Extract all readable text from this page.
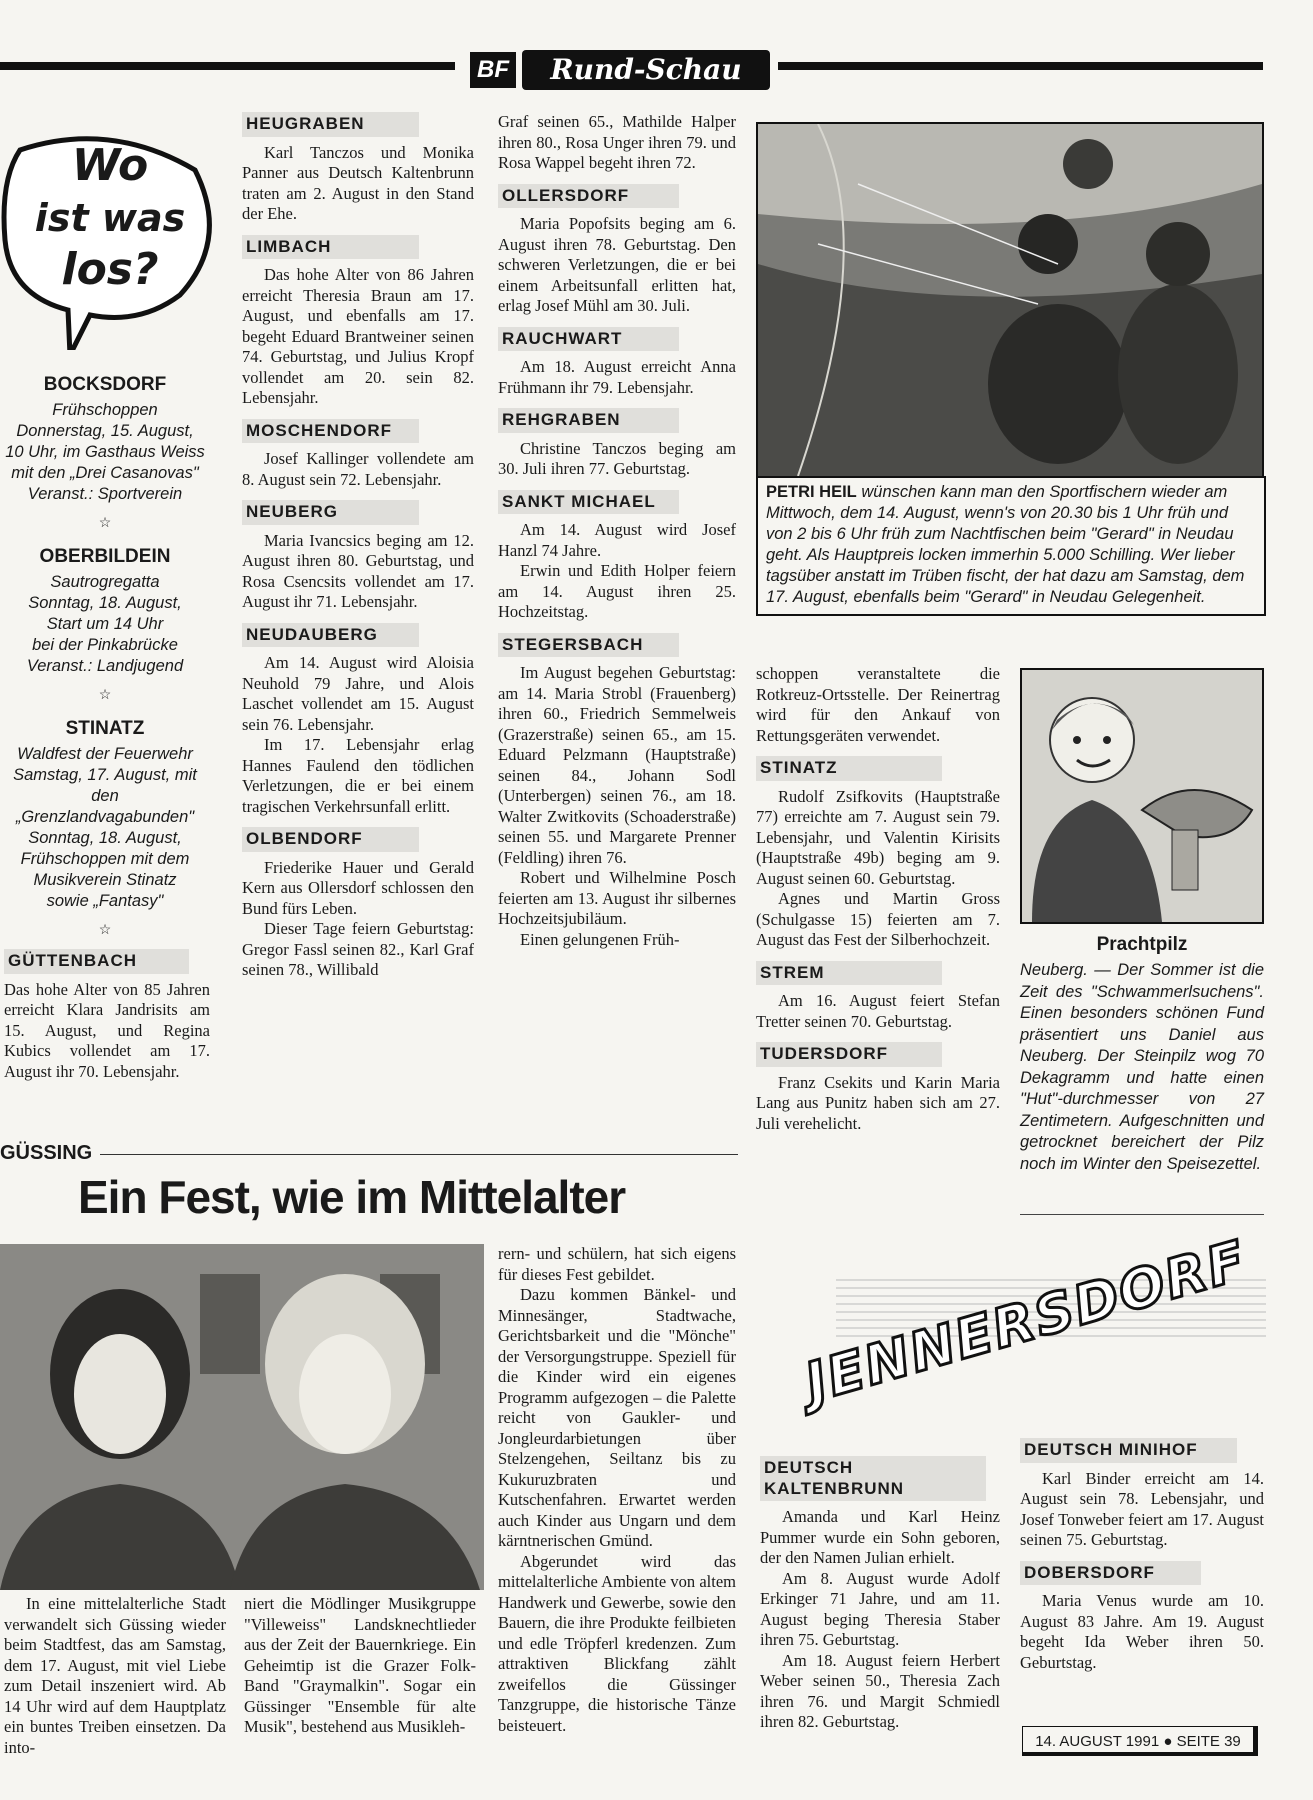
BF	Rund-Schau
Wo
ist was
los?
BOCKSDORF
Frühschoppen
Donnerstag, 15. August,
10 Uhr, im Gasthaus Weiss
mit den „Drei Casanovas"
Veranst.: Sportverein
☆
OBERBILDEIN
Sautrogregatta
Sonntag, 18. August,
Start um 14 Uhr
bei der Pinkabrücke
Veranst.: Landjugend
☆
STINATZ
Waldfest der Feuerwehr
Samstag, 17. August, mit
den „Grenzlandvagabunden"
Sonntag, 18. August,
Frühschoppen mit dem
Musikverein Stinatz
sowie „Fantasy"
☆
GÜTTENBACH

Das hohe Alter von 85 Jahren erreicht Klara Jandrisits am 15. August, und Regina Kubics vollendet am 17. August ihr 70. Lebensjahr.

HEUGRABEN

Karl Tanczos und Monika Panner aus Deutsch Kaltenbrunn traten am 2. August in den Stand der Ehe.

LIMBACH

Das hohe Alter von 86 Jahren erreicht Theresia Braun am 17. August, und ebenfalls am 17. begeht Eduard Brantweiner seinen 74. Geburtstag, und Julius Kropf vollendet am 20. sein 82. Lebensjahr.

MOSCHENDORF

Josef Kallinger vollendete am 8. August sein 72. Lebensjahr.

NEUBERG

Maria Ivancsics beging am 12. August ihren 80. Geburtstag, und Rosa Csencsits vollendet am 17. August ihr 71. Lebensjahr.

NEUDAUBERG

Am 14. August wird Aloisia Neuhold 79 Jahre, und Alois Laschet vollendet am 15. August sein 76. Lebensjahr.

Im 17. Lebensjahr erlag Hannes Faulend den tödlichen Verletzungen, die er bei einem tragischen Verkehrsunfall erlitt.

OLBENDORF

Friederike Hauer und Gerald Kern aus Ollersdorf schlossen den Bund fürs Leben.

Dieser Tage feiern Geburtstag: Gregor Fassl seinen 82., Karl Graf seinen 78., Willibald

Graf seinen 65., Mathilde Halper ihren 80., Rosa Unger ihren 79. und Rosa Wappel begeht ihren 72.

OLLERSDORF

Maria Popofsits beging am 6. August ihren 78. Geburtstag. Den schweren Verletzungen, die er bei einem Arbeitsunfall erlitten hat, erlag Josef Mühl am 30. Juli.

RAUCHWART

Am 18. August erreicht Anna Frühmann ihr 79. Lebensjahr.

REHGRABEN

Christine Tanczos beging am 30. Juli ihren 77. Geburtstag.

SANKT MICHAEL

Am 14. August wird Josef Hanzl 74 Jahre.

Erwin und Edith Holper feiern am 14. August ihren 25. Hochzeitstag.

STEGERSBACH

Im August begehen Geburtstag: am 14. Maria Strobl (Frauenberg) ihren 60., Friedrich Semmelweis (Grazerstraße) seinen 65., am 15. Eduard Pelzmann (Hauptstraße) seinen 84., Johann Sodl (Unterbergen) seinen 76., am 18. Walter Zwitkovits (Schoaderstraße) seinen 55. und Margarete Prenner (Feldling) ihren 76.

Robert und Wilhelmine Posch feierten am 13. August ihr silbernes Hochzeitsjubiläum.

Einen gelungenen Früh-

PETRI HEIL wünschen kann man den Sportfischern wieder am Mittwoch, dem 14. August, wenn's von 20.30 bis 1 Uhr früh und von 2 bis 6 Uhr früh zum Nachtfischen beim "Gerard" in Neudau geht. Als Hauptpreis locken immerhin 5.000 Schilling. Wer lieber tagsüber anstatt im Trüben fischt, der hat dazu am Samstag, dem 17. August, ebenfalls beim "Gerard" in Neudau Gelegenheit.

schoppen veranstaltete die Rotkreuz-Ortsstelle. Der Reinertrag wird für den Ankauf von Rettungsgeräten verwendet.

STINATZ

Rudolf Zsifkovits (Hauptstraße 77) erreichte am 7. August sein 79. Lebensjahr, und Valentin Kirisits (Hauptstraße 49b) beging am 9. August seinen 60. Geburtstag.

Agnes und Martin Gross (Schulgasse 15) feierten am 7. August das Fest der Silberhochzeit.

STREM

Am 16. August feiert Stefan Tretter seinen 70. Geburtstag.

TUDERSDORF

Franz Csekits und Karin Maria Lang aus Punitz haben sich am 27. Juli verehelicht.

Prachtpilz
Neuberg. — Der Sommer ist die Zeit des "Schwammerlsuchens". Einen besonders schönen Fund präsentiert uns Daniel aus Neuberg. Der Steinpilz wog 70 Dekagramm und hatte einen "Hut"-durchmesser von 27 Zentimetern. Aufgeschnitten und getrocknet bereichert der Pilz noch im Winter den Speisezettel.
GÜSSING
Ein Fest, wie im Mittelalter

In eine mittelalterliche Stadt verwandelt sich Güssing wieder beim Stadtfest, das am Samstag, dem 17. August, mit viel Liebe zum Detail inszeniert wird. Ab 14 Uhr wird auf dem Hauptplatz ein buntes Treiben einsetzen. Da into-

niert die Mödlinger Musikgruppe "Villeweiss" Landsknechtlieder aus der Zeit der Bauernkriege. Ein Geheimtip ist die Grazer Folk-Band "Graymalkin". Sogar ein Güssinger "Ensemble für alte Musik", bestehend aus Musikleh-

rern- und schülern, hat sich eigens für dieses Fest gebildet.

Dazu kommen Bänkel- und Minnesänger, Stadtwache, Gerichtsbarkeit und die "Mönche" der Versorgungstruppe. Speziell für die Kinder wird ein eigenes Programm aufgezogen – die Palette reicht von Gaukler- und Jongleurdarbietungen über Stelzengehen, Seiltanz bis zu Kukuruzbraten und Kutschenfahren. Erwartet werden auch Kinder aus Ungarn und dem kärntnerischen Gmünd.

Abgerundet wird das mittelalterliche Ambiente von altem Handwerk und Gewerbe, sowie den Bauern, die ihre Produkte feilbieten und edle Tröpferl kredenzen. Zum attraktiven Blickfang zählt zweifellos die Güssinger Tanzgruppe, die historische Tänze beisteuert.

JENNERSDORF
DEUTSCH KALTENBRUNN

Amanda und Karl Heinz Pummer wurde ein Sohn geboren, der den Namen Julian erhielt.

Am 8. August wurde Adolf Erkinger 71 Jahre, und am 11. August beging Theresia Staber ihren 75. Geburtstag.

Am 18. August feiern Herbert Weber seinen 50., Theresia Zach ihren 76. und Margit Schmiedl ihren 82. Geburtstag.

DEUTSCH MINIHOF

Karl Binder erreicht am 14. August sein 78. Lebensjahr, und Josef Tonweber feiert am 17. August seinen 75. Geburtstag.

DOBERSDORF

Maria Venus wurde am 10. August 83 Jahre. Am 19. August begeht Ida Weber ihren 50. Geburtstag.

14. AUGUST 1991 ● SEITE 39
